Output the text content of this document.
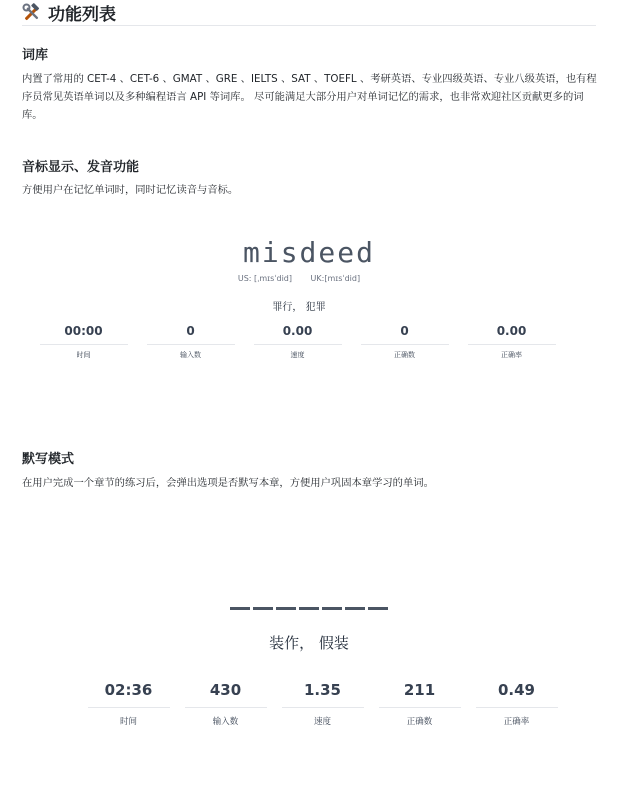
功能列表
词库
内置了常用的 CET-4 、CET-6 、GMAT 、GRE 、IELTS 、SAT 、TOEFL 、考研英语、专业四级英语、专业八级英语，也有程序员常见英语单词以及多种编程语言 API 等词库。 尽可能满足大部分用户对单词记忆的需求，也非常欢迎社区贡献更多的词库。
音标显示、发音功能
方便用户在记忆单词时，同时记忆读音与音标。
misdeed
US: [ˌmɪsˈdid] UK:[mɪsˈdid]
罪行， 犯罪
00:00
时间
0
输入数
0.00
速度
0
正确数
0.00
正确率
默写模式
在用户完成一个章节的练习后，会弹出选项是否默写本章，方便用户巩固本章学习的单词。
装作， 假装
02:36
时间
430
输入数
1.35
速度
211
正确数
0.49
正确率
